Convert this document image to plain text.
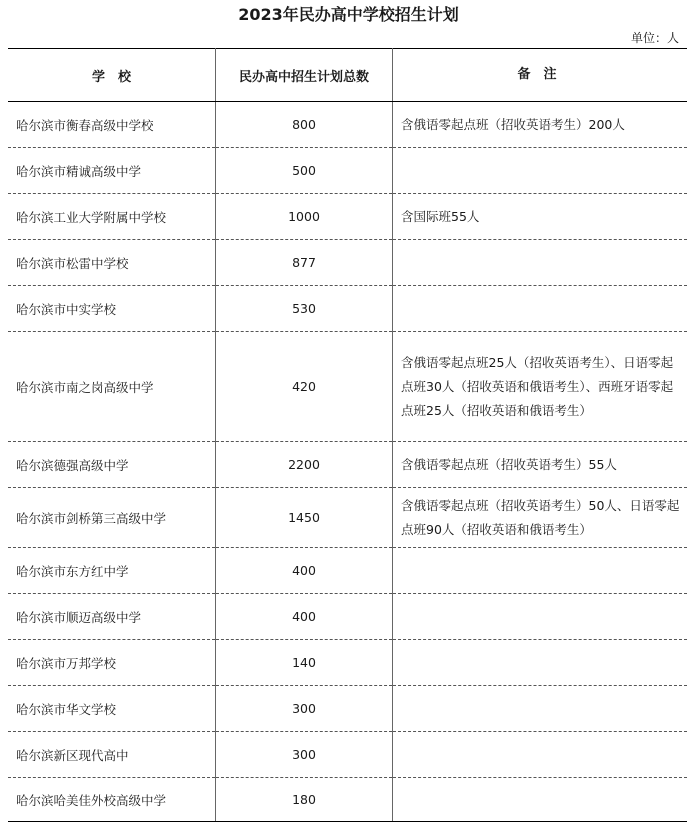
2023年民办高中学校招生计划
单位：人
学　校	民办高中招生计划总数	备　注
哈尔滨市衡春高级中学校	800	含俄语零起点班（招收英语考生）200人
哈尔滨市精诚高级中学	500	
哈尔滨工业大学附属中学校	1000	含国际班55人
哈尔滨市松雷中学校	877	
哈尔滨市中实学校	530	
哈尔滨市南之岗高级中学	420	含俄语零起点班25人（招收英语考生）、日语零起点班30人（招收英语和俄语考生）、西班牙语零起点班25人（招收英语和俄语考生）
哈尔滨德强高级中学	2200	含俄语零起点班（招收英语考生）55人
哈尔滨市剑桥第三高级中学	1450	含俄语零起点班（招收英语考生）50人、日语零起点班90人（招收英语和俄语考生）
哈尔滨市东方红中学	400	
哈尔滨市顺迈高级中学	400	
哈尔滨市万邦学校	140	
哈尔滨市华文学校	300	
哈尔滨新区现代高中	300	
哈尔滨哈美佳外校高级中学	180	
